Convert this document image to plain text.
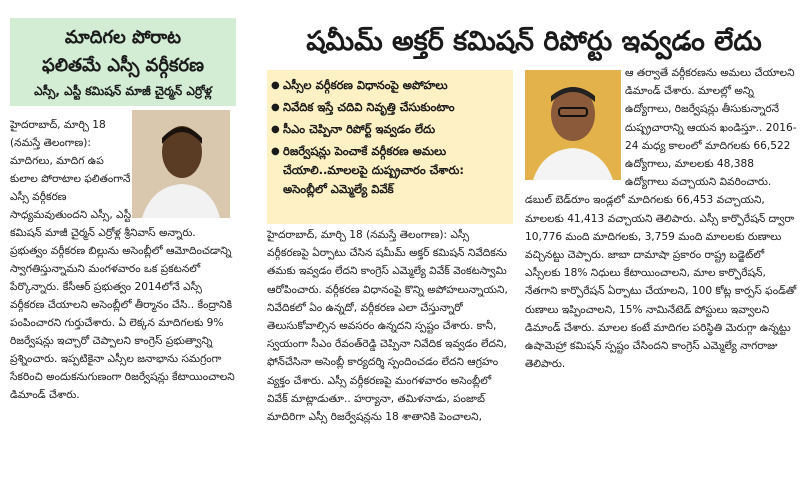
మాదిగల పోరాట
ఫలితమే ఎస్సీ వర్గీకరణ
ఎస్సీ, ఎస్టీ కమిషన్ మాజీ చైర్మన్ ఎర్రోళ్ల

హైదరాబాద్, మార్చి 18 (నమస్తే తెలంగాణ): మాదిగలు, మాదిగ ఉప కులాల పోరాటాల ఫలితంగానే ఎస్సీ వర్గీకరణ సాధ్యమవుతుందని ఎస్సీ, ఎస్టీ కమిషన్ మాజీ చైర్మన్ ఎర్రోళ్ల శ్రీనివాస్ అన్నారు. ప్రభుత్వం వర్గీకరణ బిల్లును అసెంబ్లీలో ఆమోదించడాన్ని స్వాగతిస్తున్నామని మంగళవారం ఒక ప్రకటనలో పేర్కొన్నారు. కేసీఆర్ ప్రభుత్వం 2014లోనే ఎస్సీ వర్గీకరణ చేయాలని అసెంబ్లీలో తీర్మానం చేసి.. కేంద్రానికి పంపించారని గుర్తుచేశారు. ఏ లెక్కన మాదిగలకు 9% రిజర్వేషన్లు ఇచ్చారో చెప్పాలని కాంగ్రెస్ ప్రభుత్వాన్ని ప్రశ్నించారు. ఇప్పటికైనా ఎస్సీల జనాభాను సమగ్రంగా సేకరించి అందుకనుగుణంగా రిజర్వేషన్లు కేటాయించాలని డిమాండ్ చేశారు.

షమీమ్ అక్తర్ కమిషన్ రిపోర్టు ఇవ్వడం లేదు
● ఎస్సీల వర్గీకరణ విధానంపై అపోహలు
● నివేదిక ఇస్తే చదివి నివృత్తి చేసుకుంటాం
● సీఎం చెప్పినా రిపోర్ట్ ఇవ్వడం లేదు
● రిజర్వేషన్లు పెంచాకే వర్గీకరణ అమలు చేయాలి..మాలలపై దుష్ప్రచారం చేశారు: అసెంబ్లీలో ఎమ్మెల్యే వివేక్
హైదరాబాద్, మార్చి 18 (నమస్తే తెలంగాణ): ఎస్సీ వర్గీకరణపై ఏర్పాటు చేసిన షమీమ్ అక్తర్ కమిషన్ నివేదికను తమకు ఇవ్వడం లేదని కాంగ్రెస్ ఎమ్మెల్యే వివేక్ వెంకటస్వామి ఆరోపించారు. వర్గీకరణ విధానంపై కొన్ని అపోహలున్నాయని, నివేదికలో ఏం ఉన్నదో, వర్గీకరణ ఎలా చేస్తున్నారో తెలుసుకోవాల్సిన అవసరం ఉన్నదని స్పష్టం చేశారు. కానీ, స్వయంగా సీఎం రేవంత్‌రెడ్డి చెప్పినా నివేదిక ఇవ్వడం లేదని, ఫోన్‌చేసినా అసెంబ్లీ కార్యదర్శి స్పందించడం లేదని ఆగ్రహం వ్యక్తం చేశారు. ఎస్సీ వర్గీకరణపై మంగళవారం అసెంబ్లీలో వివేక్ మాట్లాడుతూ.. హర్యానా, తమిళనాడు, పంజాబ్ మాదిరిగా ఎస్సీ రిజర్వేషన్లను 18 శాతానికి పెంచాలని,

ఆ తర్వాతే వర్గీకరణను అమలు చేయాలని డిమాండ్ చేశారు. మాలల్లో అన్ని ఉద్యోగాలు, రిజర్వేషన్లు తీసుకున్నారనే దుష్ప్రచారాన్ని ఆయన ఖండిస్తూ.. 2016-24 మధ్య కాలంలో మాదిగలకు 66,522 ఉద్యోగాలు, మాలలకు 48,388 ఉద్యోగాలు వచ్చాయని వివరించారు. డబుల్ బెడ్‌రూం ఇండ్లలో మాదిగలకు 66,453 వచ్చాయని, మాలలకు 41,413 వచ్చాయని తెలిపారు. ఎస్సీ కార్పొరేషన్ ద్వారా 10,776 మంది మాదిగలకు, 3,759 మంది మాలలకు రుణాలు వచ్చినట్టు చెప్పారు. జాబా దామాషా ప్రకారం రాష్ట్ర బడ్జెట్‌లో ఎస్సీలకు 18% నిధులు కేటాయించాలని, మాల కార్పొరేషన్, నేతగాని కార్పొరేషన్ ఏర్పాటు చేయాలని, 100 కోట్ల కార్పస్ ఫండ్‌తో రుణాలు ఇప్పించాలని, 15% నామినేటెడ్ పోస్టులు ఇవ్వాలని డిమాండ్ చేశారు. మాలల కంటే మాదిగల పరిస్థితి మెరుగ్గా ఉన్నట్టు ఉషామెహ్రా కమిషన్ స్పష్టం చేసిందని కాంగ్రెస్ ఎమ్మెల్యే నాగరాజు తెలిపారు.
